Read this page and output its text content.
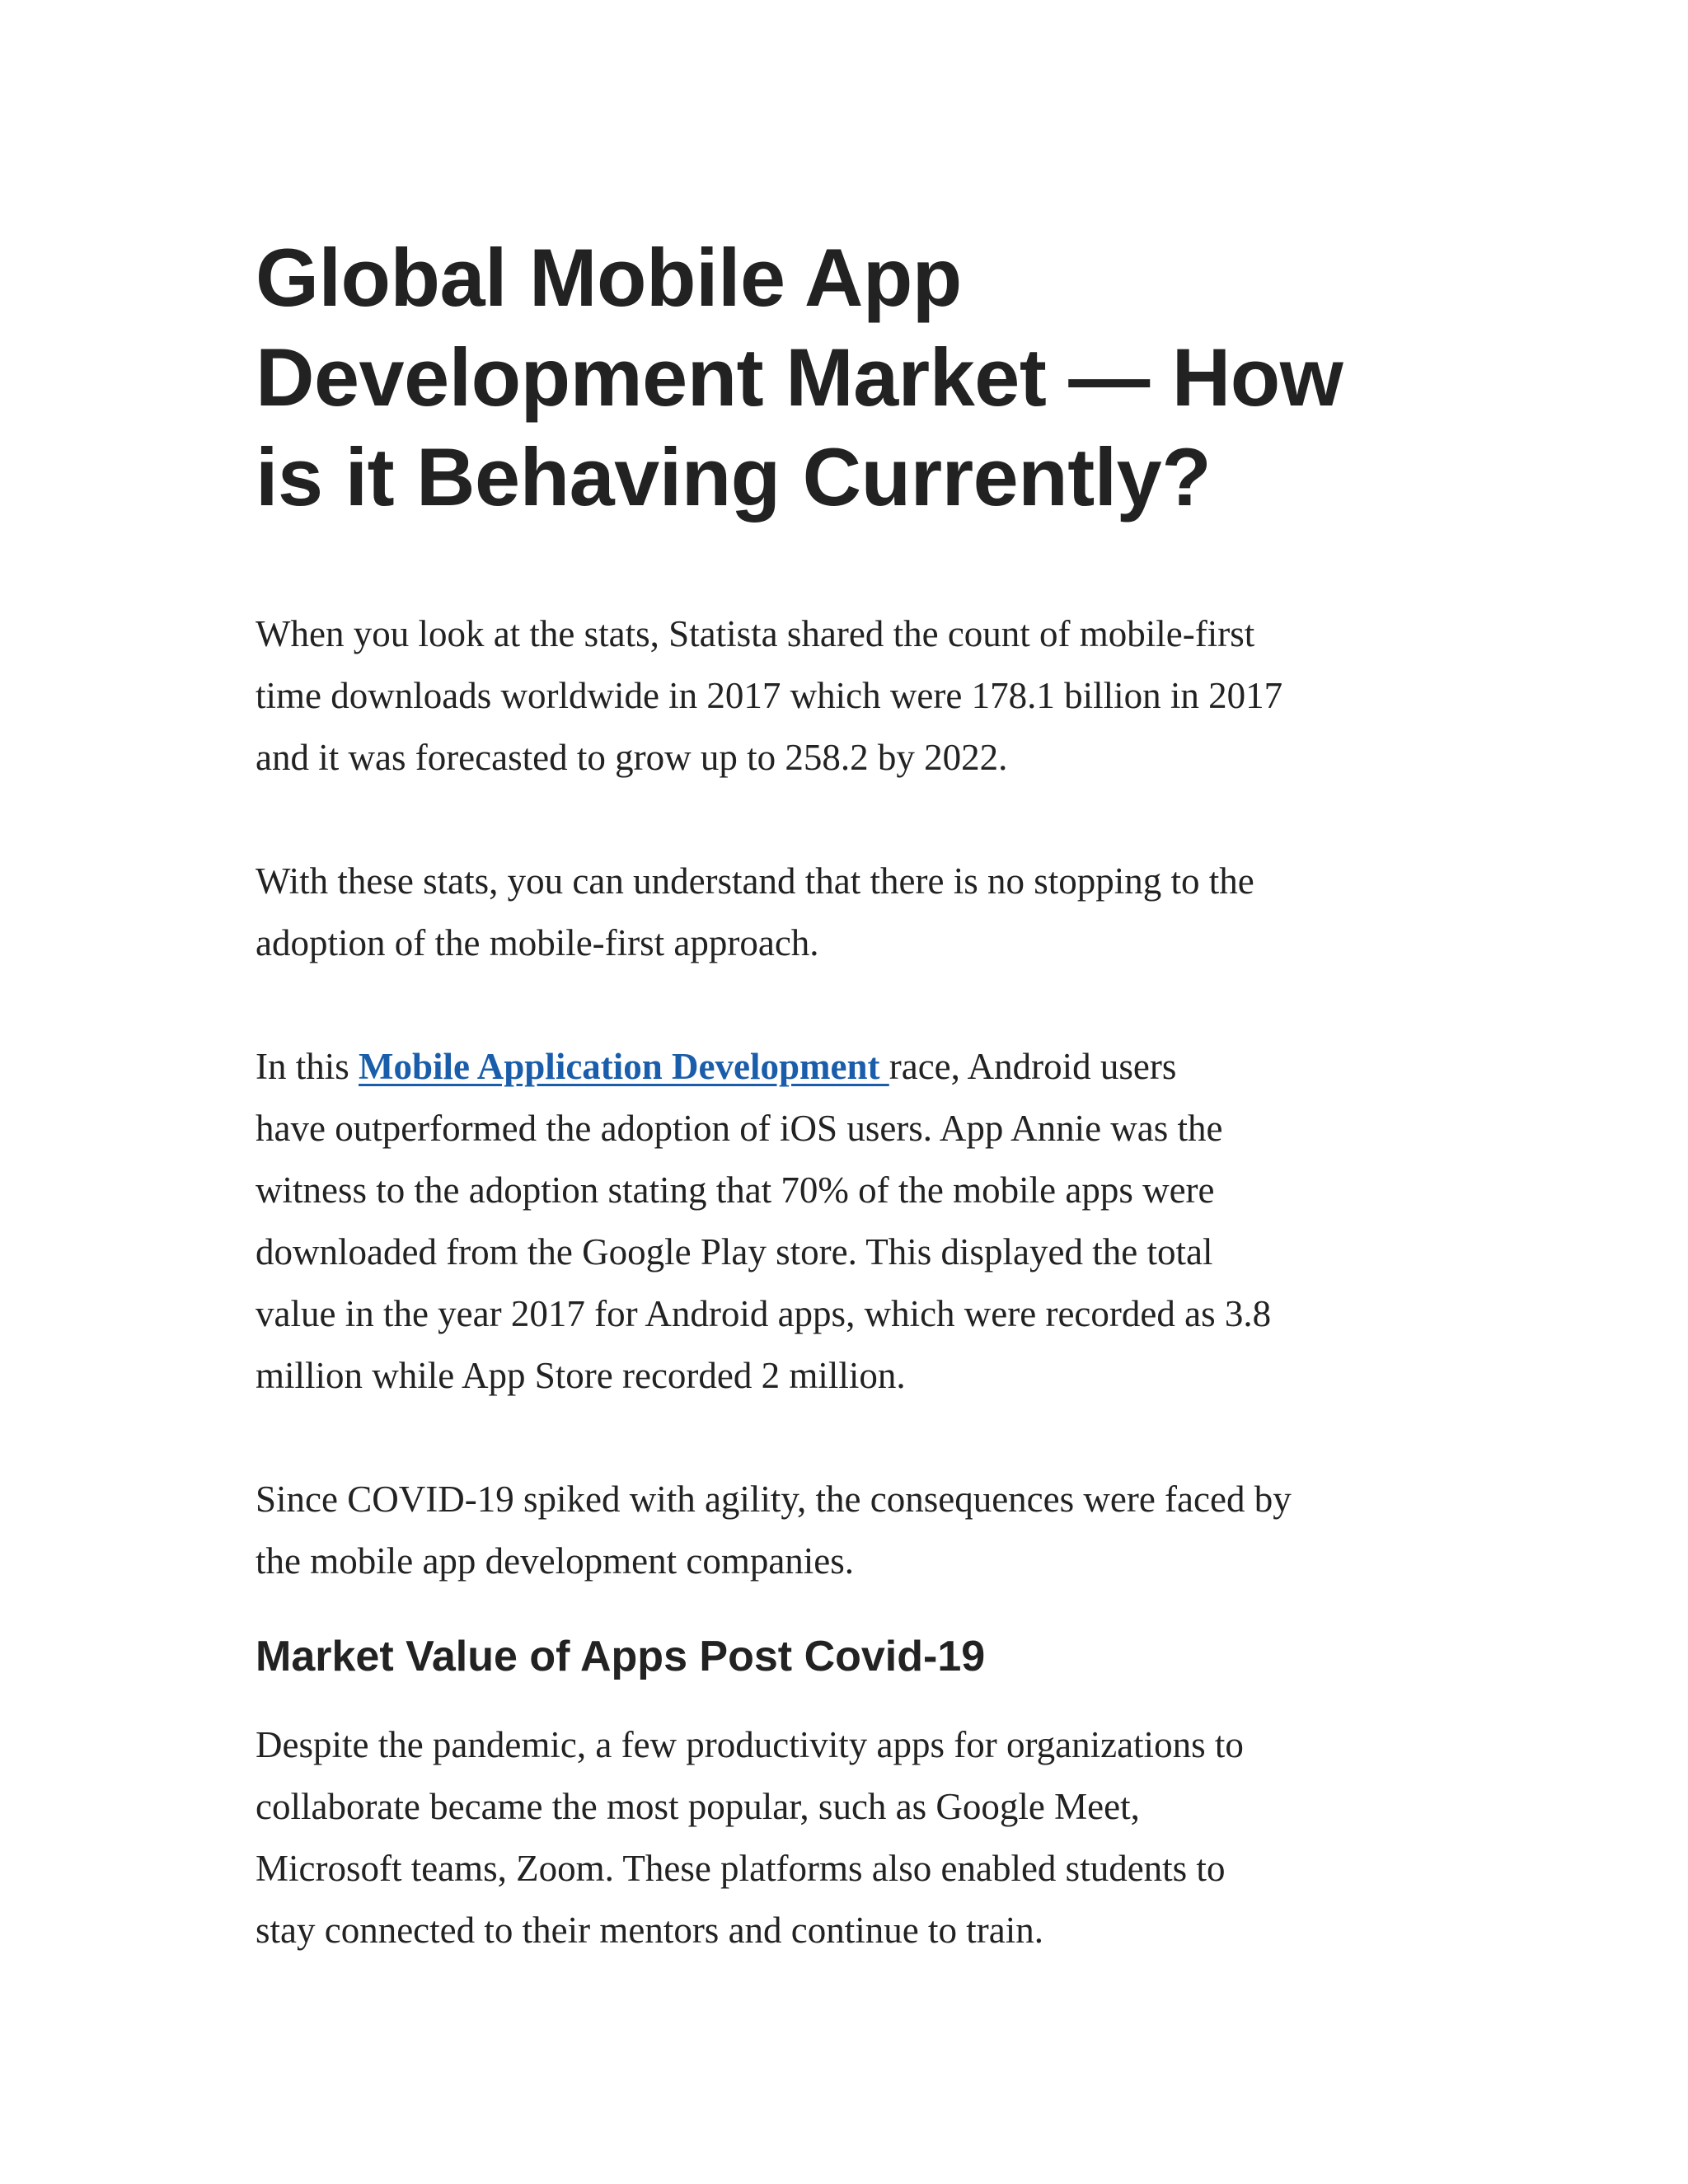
Global Mobile App
Development Market — How
is it Behaving Currently?

When you look at the stats, Statista shared the count of mobile-first
time downloads worldwide in 2017 which were 178.1 billion in 2017
and it was forecasted to grow up to 258.2 by 2022.

With these stats, you can understand that there is no stopping to the
adoption of the mobile-first approach.

In this Mobile Application Development race, Android users
have outperformed the adoption of iOS users. App Annie was the
witness to the adoption stating that 70% of the mobile apps were
downloaded from the Google Play store. This displayed the total
value in the year 2017 for Android apps, which were recorded as 3.8
million while App Store recorded 2 million.

Since COVID-19 spiked with agility, the consequences were faced by
the mobile app development companies.

Market Value of Apps Post Covid-19

Despite the pandemic, a few productivity apps for organizations to
collaborate became the most popular, such as Google Meet,
Microsoft teams, Zoom. These platforms also enabled students to
stay connected to their mentors and continue to train.
